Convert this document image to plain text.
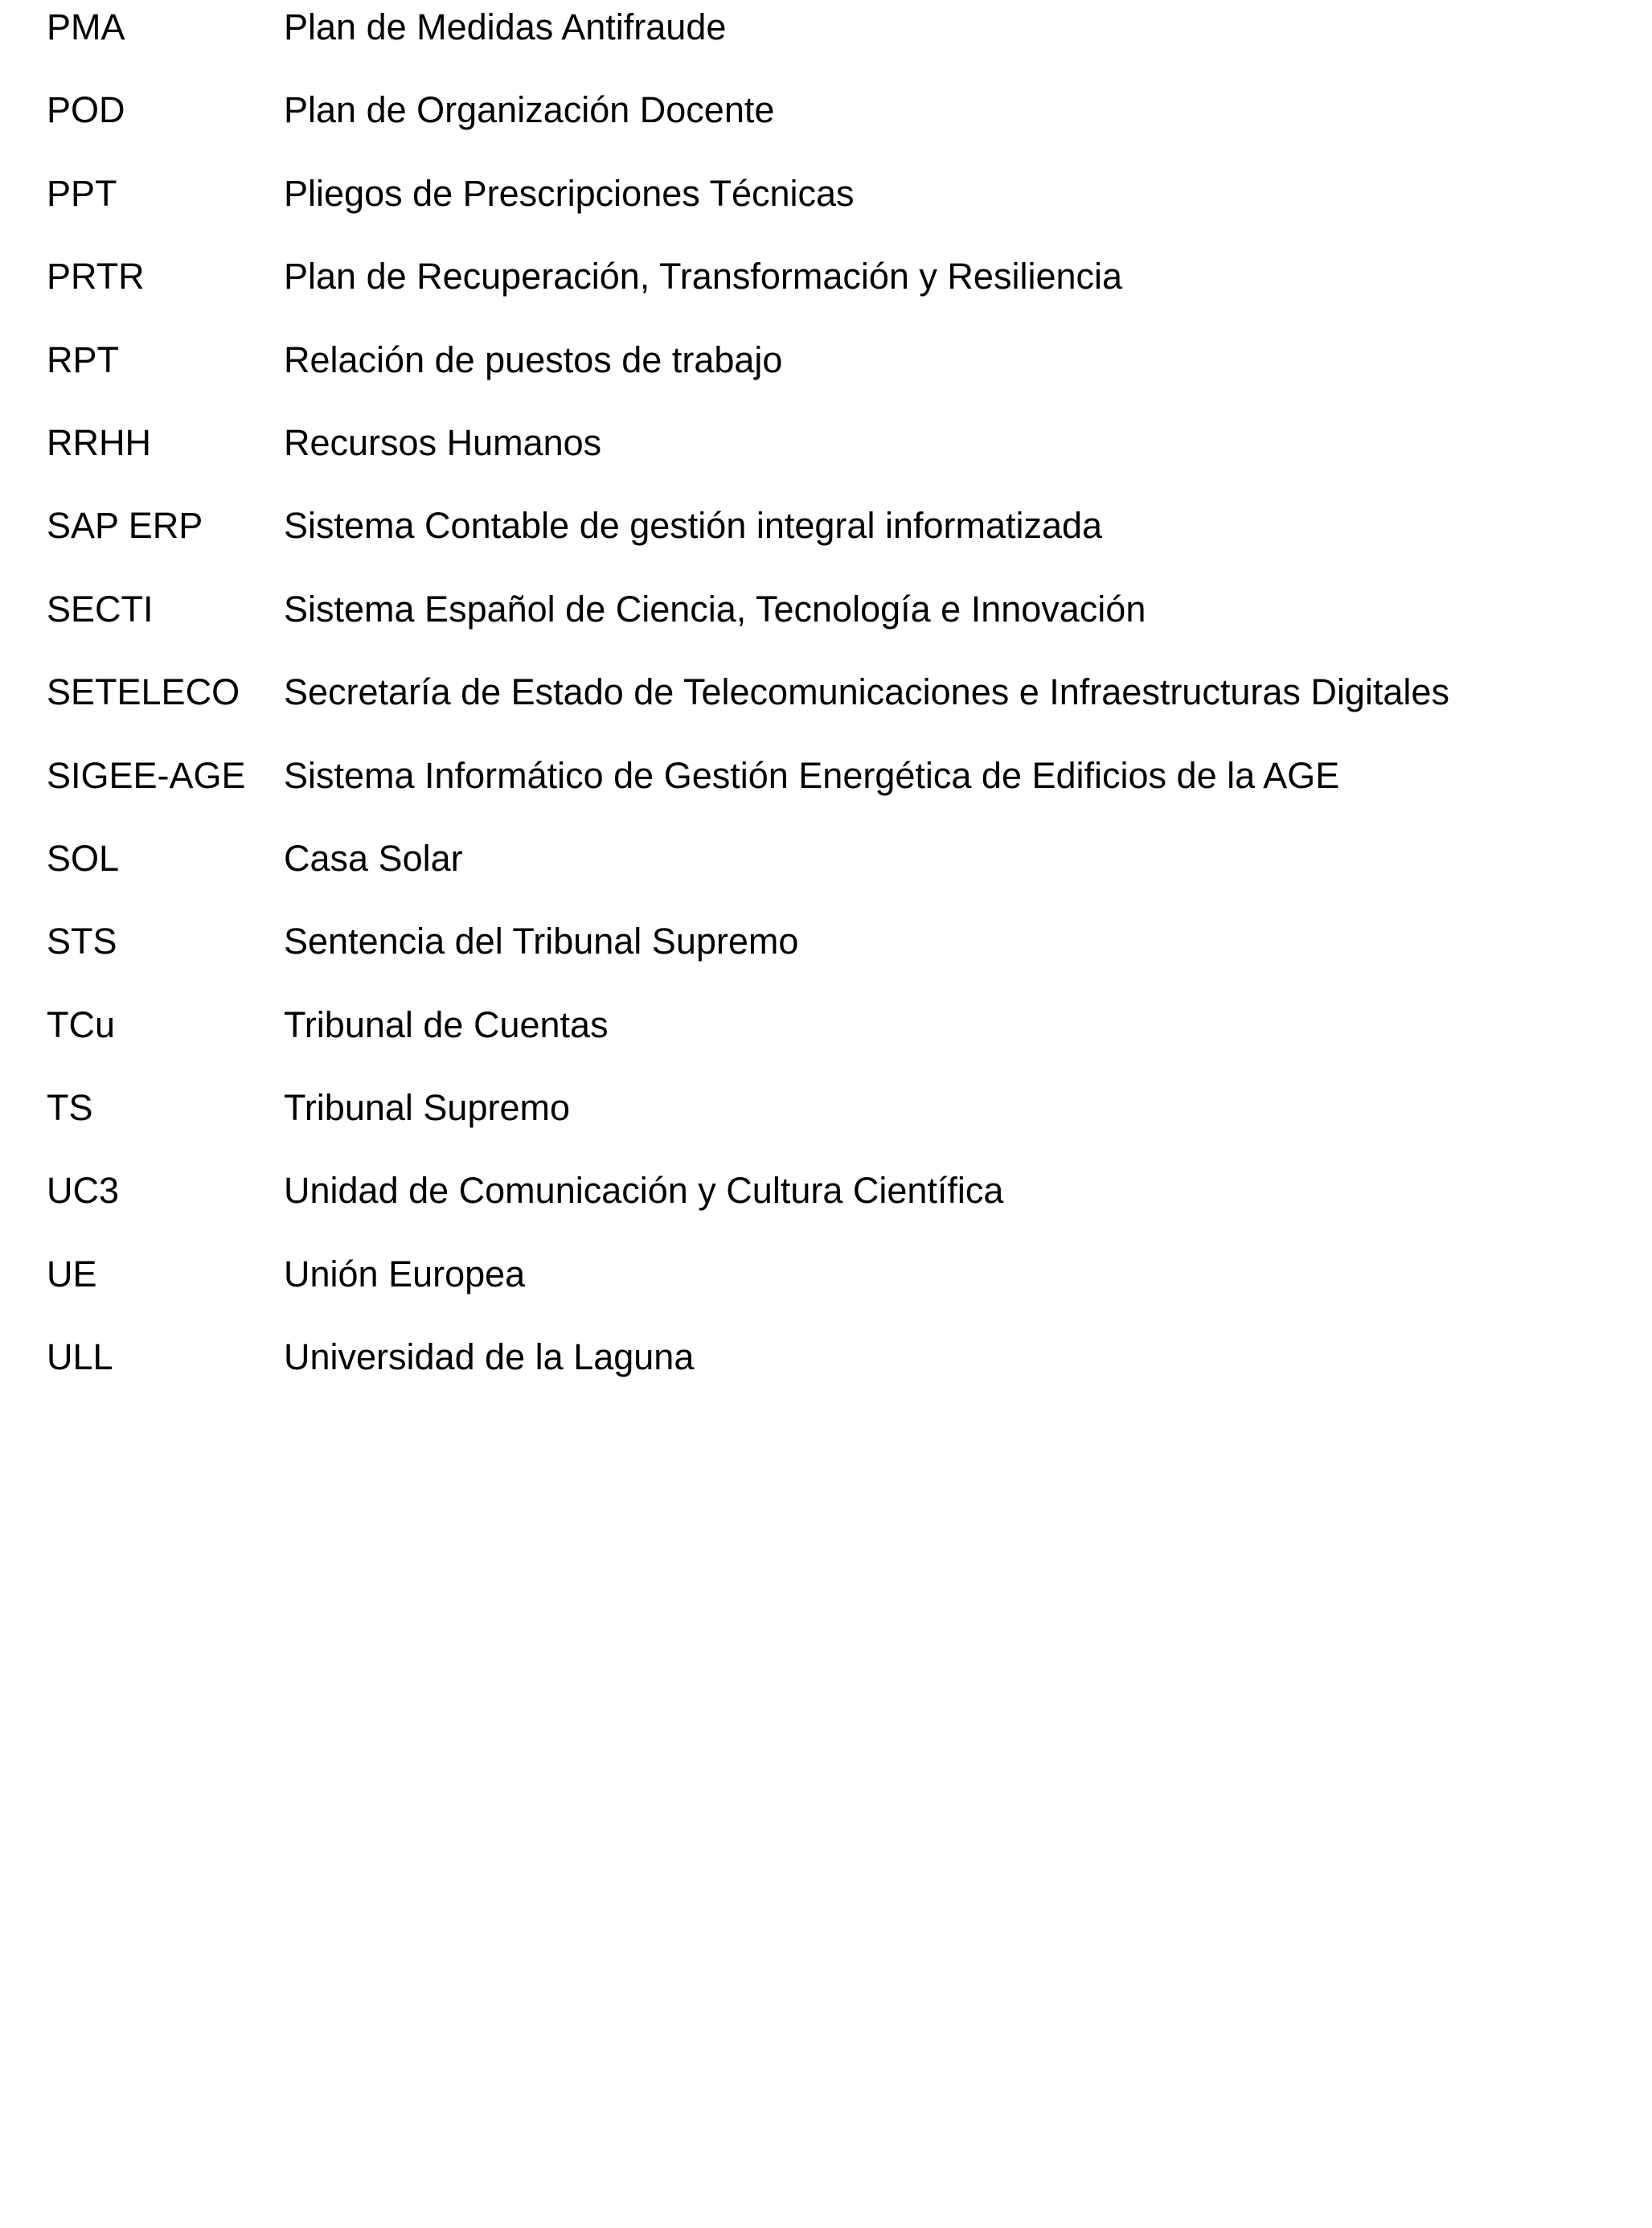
PMA	Plan de Medidas Antifraude
POD	Plan de Organización Docente
PPT	Pliegos de Prescripciones Técnicas
PRTR	Plan de Recuperación, Transformación y Resiliencia
RPT	Relación de puestos de trabajo
RRHH	Recursos Humanos
SAP ERP	Sistema Contable de gestión integral informatizada
SECTI	Sistema Español de Ciencia, Tecnología e Innovación
SETELECO	Secretaría de Estado de Telecomunicaciones e Infraestructuras Digitales
SIGEE-AGE	Sistema Informático de Gestión Energética de Edificios de la AGE
SOL	Casa Solar
STS	Sentencia del Tribunal Supremo
TCu	Tribunal de Cuentas
TS	Tribunal Supremo
UC3	Unidad de Comunicación y Cultura Científica
UE	Unión Europea
ULL	Universidad de la Laguna
